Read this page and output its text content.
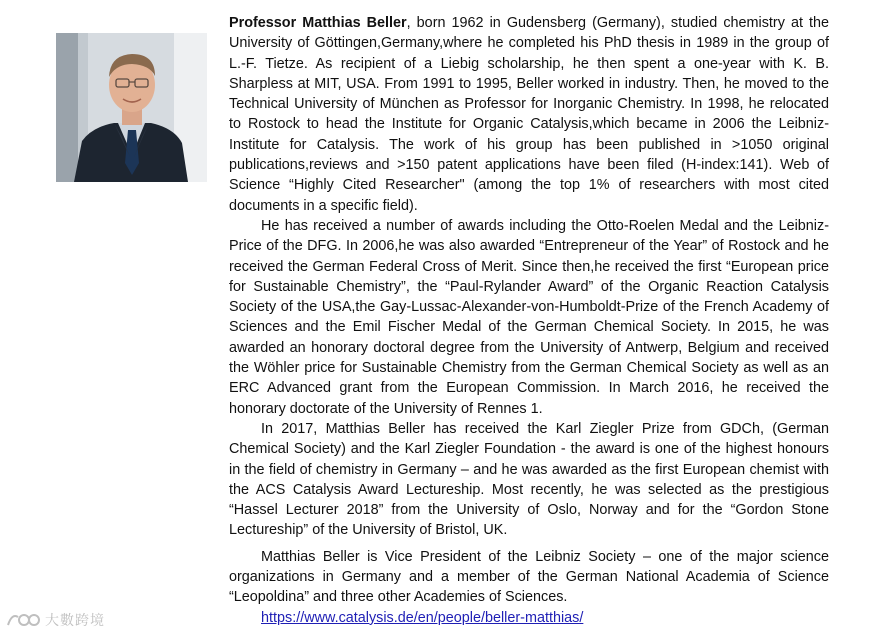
Professor Matthias Beller, born 1962 in Gudensberg (Germany), studied chemistry at the University of Göttingen,Germany,where he completed his PhD thesis in 1989 in the group of L.-F. Tietze. As recipient of a Liebig scholarship, he then spent a one-year with K. B. Sharpless at MIT, USA. From 1991 to 1995, Beller worked in industry. Then, he moved to the Technical University of München as Professor for Inorganic Chemistry. In 1998, he relocated to Rostock to head the Institute for Organic Catalysis,which became in 2006 the Leibniz-Institute for Catalysis. The work of his group has been published in >1050 original publications,reviews and >150 patent applications have been filed (H-index:141). Web of Science “Highly Cited Researcher" (among the top 1% of researchers with most cited documents in a specific field).

He has received a number of awards including the Otto-Roelen Medal and the Leibniz-Price of the DFG. In 2006,he was also awarded “Entrepreneur of the Year” of Rostock and he received the German Federal Cross of Merit. Since then,he received the first “European price for Sustainable Chemistry”, the “Paul-Rylander Award” of the Organic Reaction Catalysis Society of the USA,the Gay-Lussac-Alexander-von-Humboldt-Prize of the French Academy of Sciences and the Emil Fischer Medal of the German Chemical Society. In 2015, he was awarded an honorary doctoral degree from the University of Antwerp, Belgium and received the Wöhler price for Sustainable Chemistry from the German Chemical Society as well as an ERC Advanced grant from the European Commission. In March 2016, he received the honorary doctorate of the University of Rennes 1.

In 2017, Matthias Beller has received the Karl Ziegler Prize from GDCh, (German Chemical Society) and the Karl Ziegler Foundation - the award is one of the highest honours in the field of chemistry in Germany – and he was awarded as the first European chemist with the ACS Catalysis Award Lectureship. Most recently, he was selected as the prestigious “Hassel Lecturer 2018” from the University of Oslo, Norway and for the “Gordon Stone Lectureship” of the University of Bristol, UK.

Matthias Beller is Vice President of the Leibniz Society – one of the major science organizations in Germany and a member of the German National Academia of Science “Leopoldina” and three other Academies of Sciences.

https://www.catalysis.de/en/people/beller-matthias/
大數跨境
